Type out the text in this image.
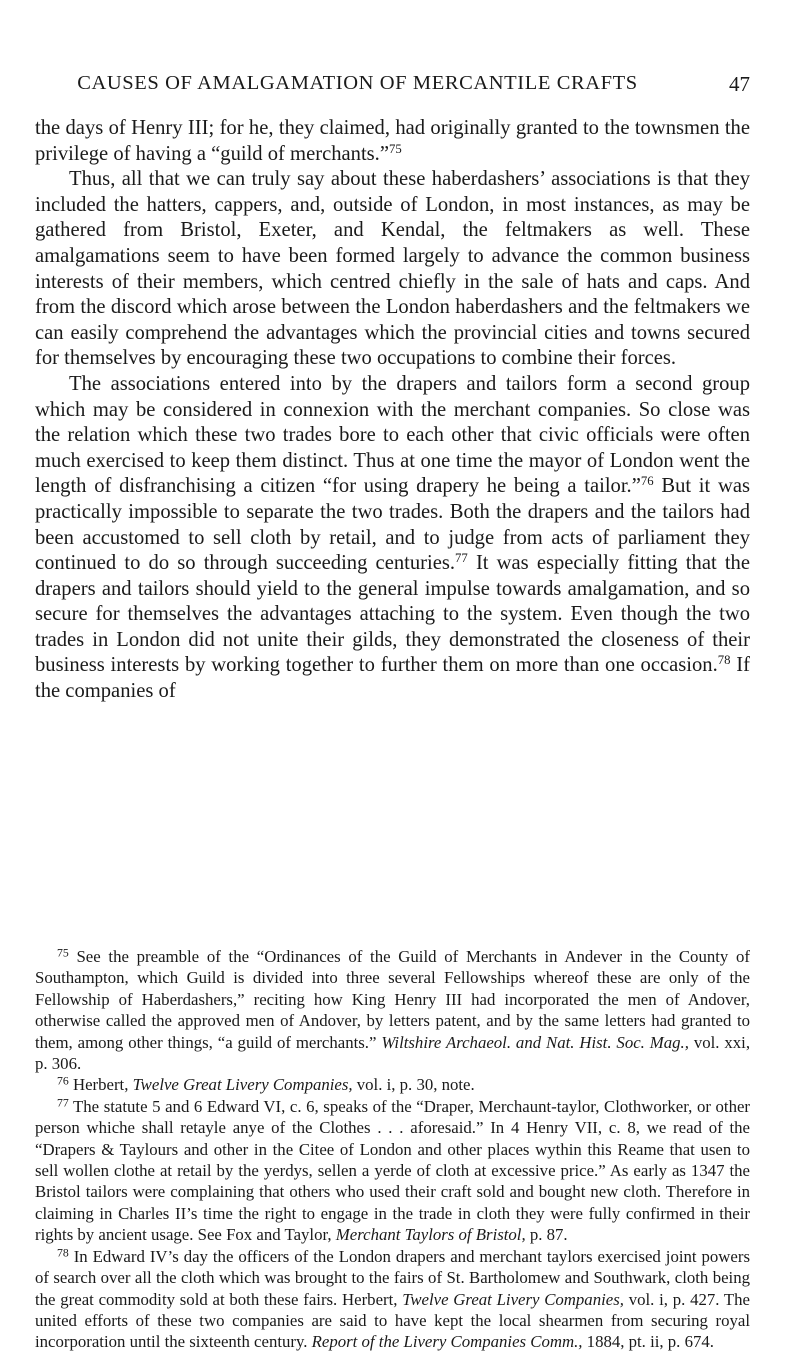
CAUSES OF AMALGAMATION OF MERCANTILE CRAFTS	47

the days of Henry III; for he, they claimed, had originally granted to the townsmen the privilege of having a “guild of merchants.”$^{75}$

Thus, all that we can truly say about these haberdashers’ associations is that they included the hatters, cappers, and, outside of London, in most instances, as may be gathered from Bristol, Exeter, and Kendal, the feltmakers as well. These amalgamations seem to have been formed largely to advance the common business interests of their members, which centred chiefly in the sale of hats and caps. And from the discord which arose between the London haberdashers and the feltmakers we can easily comprehend the advantages which the provincial cities and towns secured for themselves by encouraging these two occupations to combine their forces.

The associations entered into by the drapers and tailors form a second group which may be considered in connexion with the merchant companies. So close was the relation which these two trades bore to each other that civic officials were often much exercised to keep them distinct. Thus at one time the mayor of London went the length of disfranchising a citizen “for using drapery he being a tailor.”$^{76}$ But it was practically impossible to separate the two trades. Both the drapers and the tailors had been accustomed to sell cloth by retail, and to judge from acts of parliament they continued to do so through succeeding centuries.$^{77}$ It was especially fitting that the drapers and tailors should yield to the general impulse towards amalgamation, and so secure for themselves the advantages attaching to the system. Even though the two trades in London did not unite their gilds, they demonstrated the closeness of their business interests by working together to further them on more than one occasion.$^{78}$ If the companies of

$^{75}$ See the preamble of the “Ordinances of the Guild of Merchants in Andever in the County of Southampton, which Guild is divided into three several Fellowships whereof these are only of the Fellowship of Haberdashers,” reciting how King Henry III had incorporated the men of Andover, otherwise called the approved men of Andover, by letters patent, and by the same letters had granted to them, among other things, “a guild of merchants.” Wiltshire Archaeol. and Nat. Hist. Soc. Mag., vol. xxi, p. 306.

$^{76}$ Herbert, Twelve Great Livery Companies, vol. i, p. 30, note.

$^{77}$ The statute 5 and 6 Edward VI, c. 6, speaks of the “Draper, Merchaunt-taylor, Clothworker, or other person whiche shall retayle anye of the Clothes . . . aforesaid.” In 4 Henry VII, c. 8, we read of the “Drapers & Taylours and other in the Citee of London and other places wythin this Reame that usen to sell wollen clothe at retail by the yerdys, sellen a yerde of cloth at excessive price.” As early as 1347 the Bristol tailors were complaining that others who used their craft sold and bought new cloth. Therefore in claiming in Charles II’s time the right to engage in the trade in cloth they were fully confirmed in their rights by ancient usage. See Fox and Taylor, Merchant Taylors of Bristol, p. 87.

$^{78}$ In Edward IV’s day the officers of the London drapers and merchant taylors exercised joint powers of search over all the cloth which was brought to the fairs of St. Bartholomew and Southwark, cloth being the great commodity sold at both these fairs. Herbert, Twelve Great Livery Companies, vol. i, p. 427. The united efforts of these two companies are said to have kept the local shearmen from securing royal incorporation until the sixteenth century. Report of the Livery Companies Comm., 1884, pt. ii, p. 674.
